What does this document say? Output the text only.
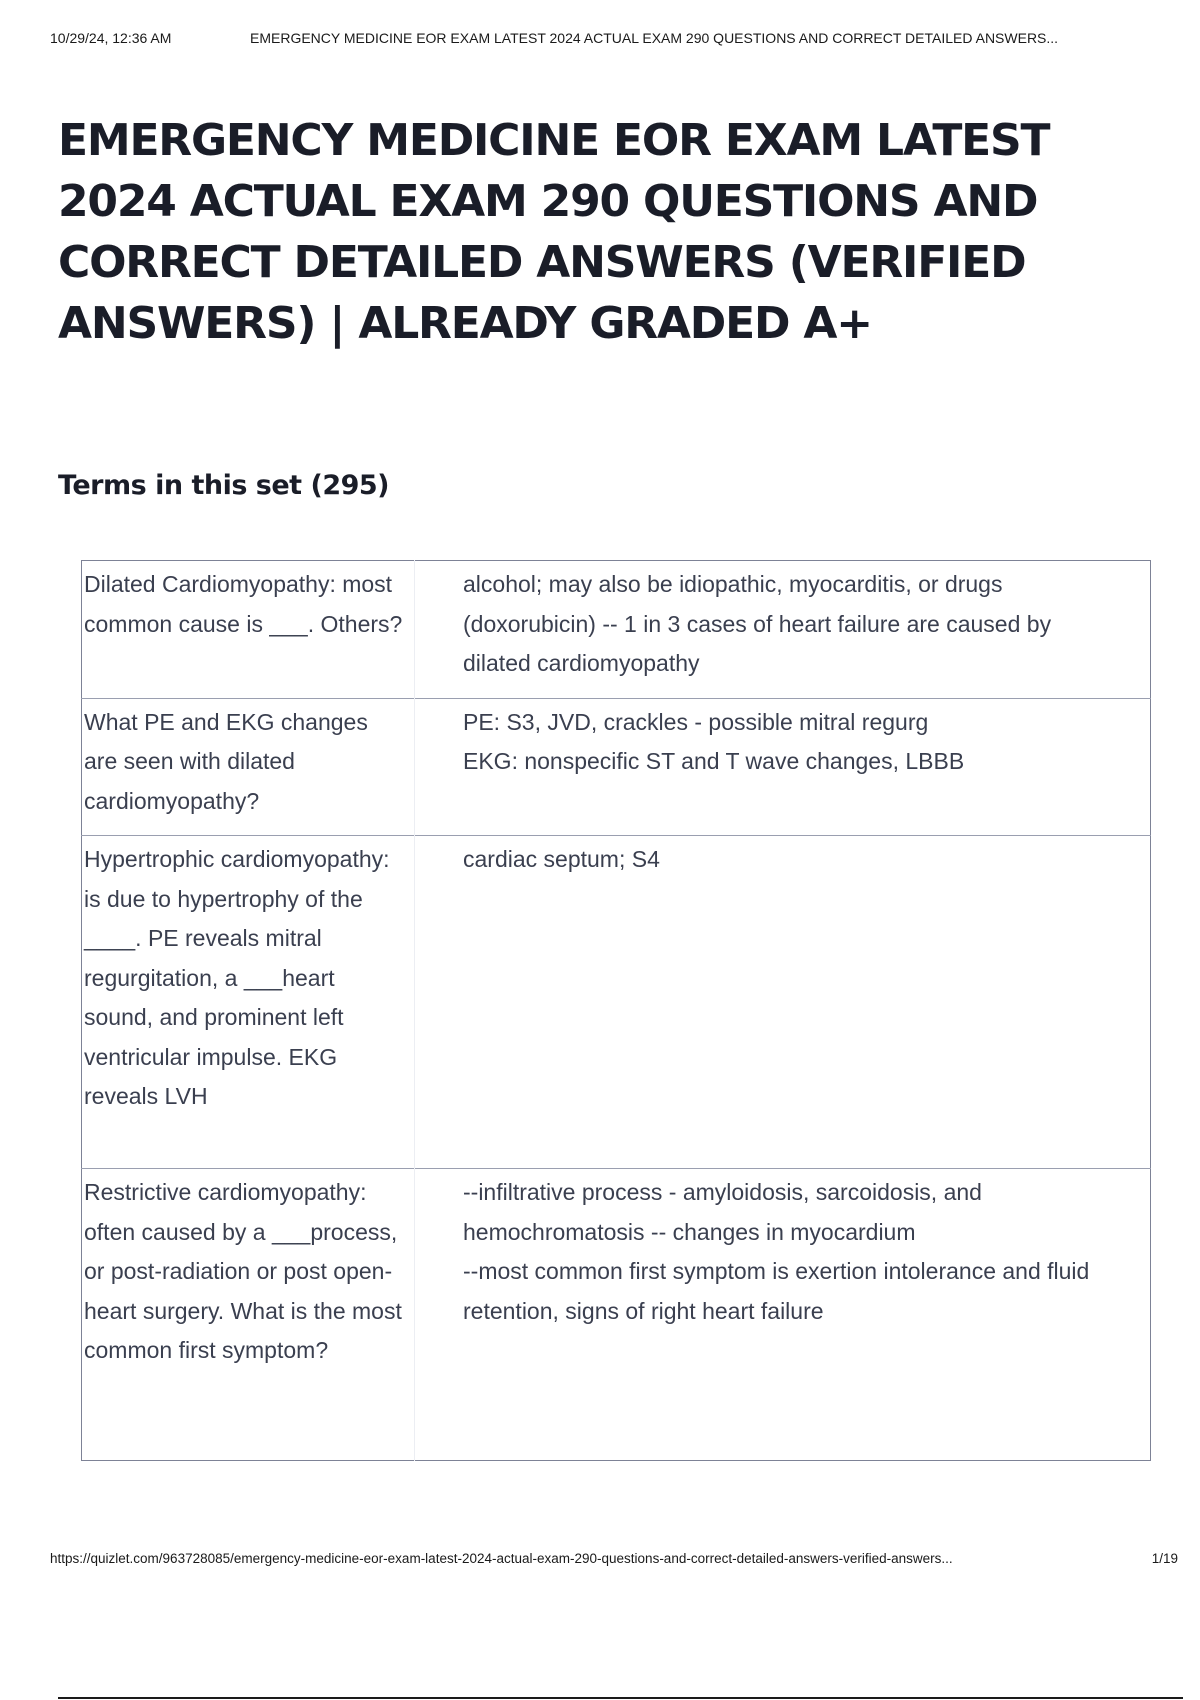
10/29/24, 12:36 AM	EMERGENCY MEDICINE EOR EXAM LATEST 2024 ACTUAL EXAM 290 QUESTIONS AND CORRECT DETAILED ANSWERS...
EMERGENCY MEDICINE EOR EXAM LATEST 2024 ACTUAL EXAM 290 QUESTIONS AND CORRECT DETAILED ANSWERS (VERIFIED ANSWERS) | ALREADY GRADED A+
Terms in this set (295)
Dilated Cardiomyopathy: most common cause is ___. Others?	alcohol; may also be idiopathic, myocarditis, or drugs (doxorubicin) -- 1 in 3 cases of heart failure are caused by dilated cardiomyopathy
What PE and EKG changes are seen with dilated cardiomyopathy?	PE: S3, JVD, crackles - possible mitral regurg
EKG: nonspecific ST and T wave changes, LBBB
Hypertrophic cardiomyopathy: is due to hypertrophy of the ____. PE reveals mitral regurgitation, a ___heart sound, and prominent left ventricular impulse. EKG reveals LVH	cardiac septum; S4
Restrictive cardiomyopathy: often caused by a ___process, or post-radiation or post open-heart surgery. What is the most common first symptom?	--infiltrative process - amyloidosis, sarcoidosis, and hemochromatosis -- changes in myocardium
--most common first symptom is exertion intolerance and fluid retention, signs of right heart failure
https://quizlet.com/963728085/emergency-medicine-eor-exam-latest-2024-actual-exam-290-questions-and-correct-detailed-answers-verified-answers...	1/19
